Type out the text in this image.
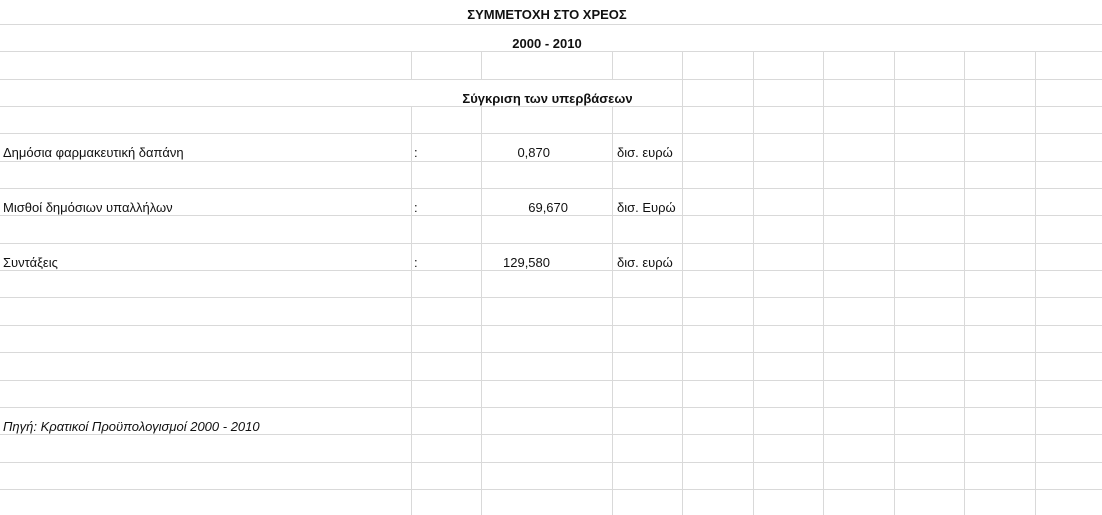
ΣΥΜΜΕΤΟΧΗ ΣΤΟ ΧΡΕΟΣ
2000 - 2010
Σύγκριση των υπερβάσεων
Δημόσια φαρμακευτική δαπάνη	:	0,870	δισ. ευρώ
Μισθοί δημόσιων υπαλλήλων	:	69,670	δισ. Ευρώ
Συντάξεις	:	129,580	δισ. ευρώ
Πηγή: Κρατικοί Προϋπολογισμοί 2000 - 2010
